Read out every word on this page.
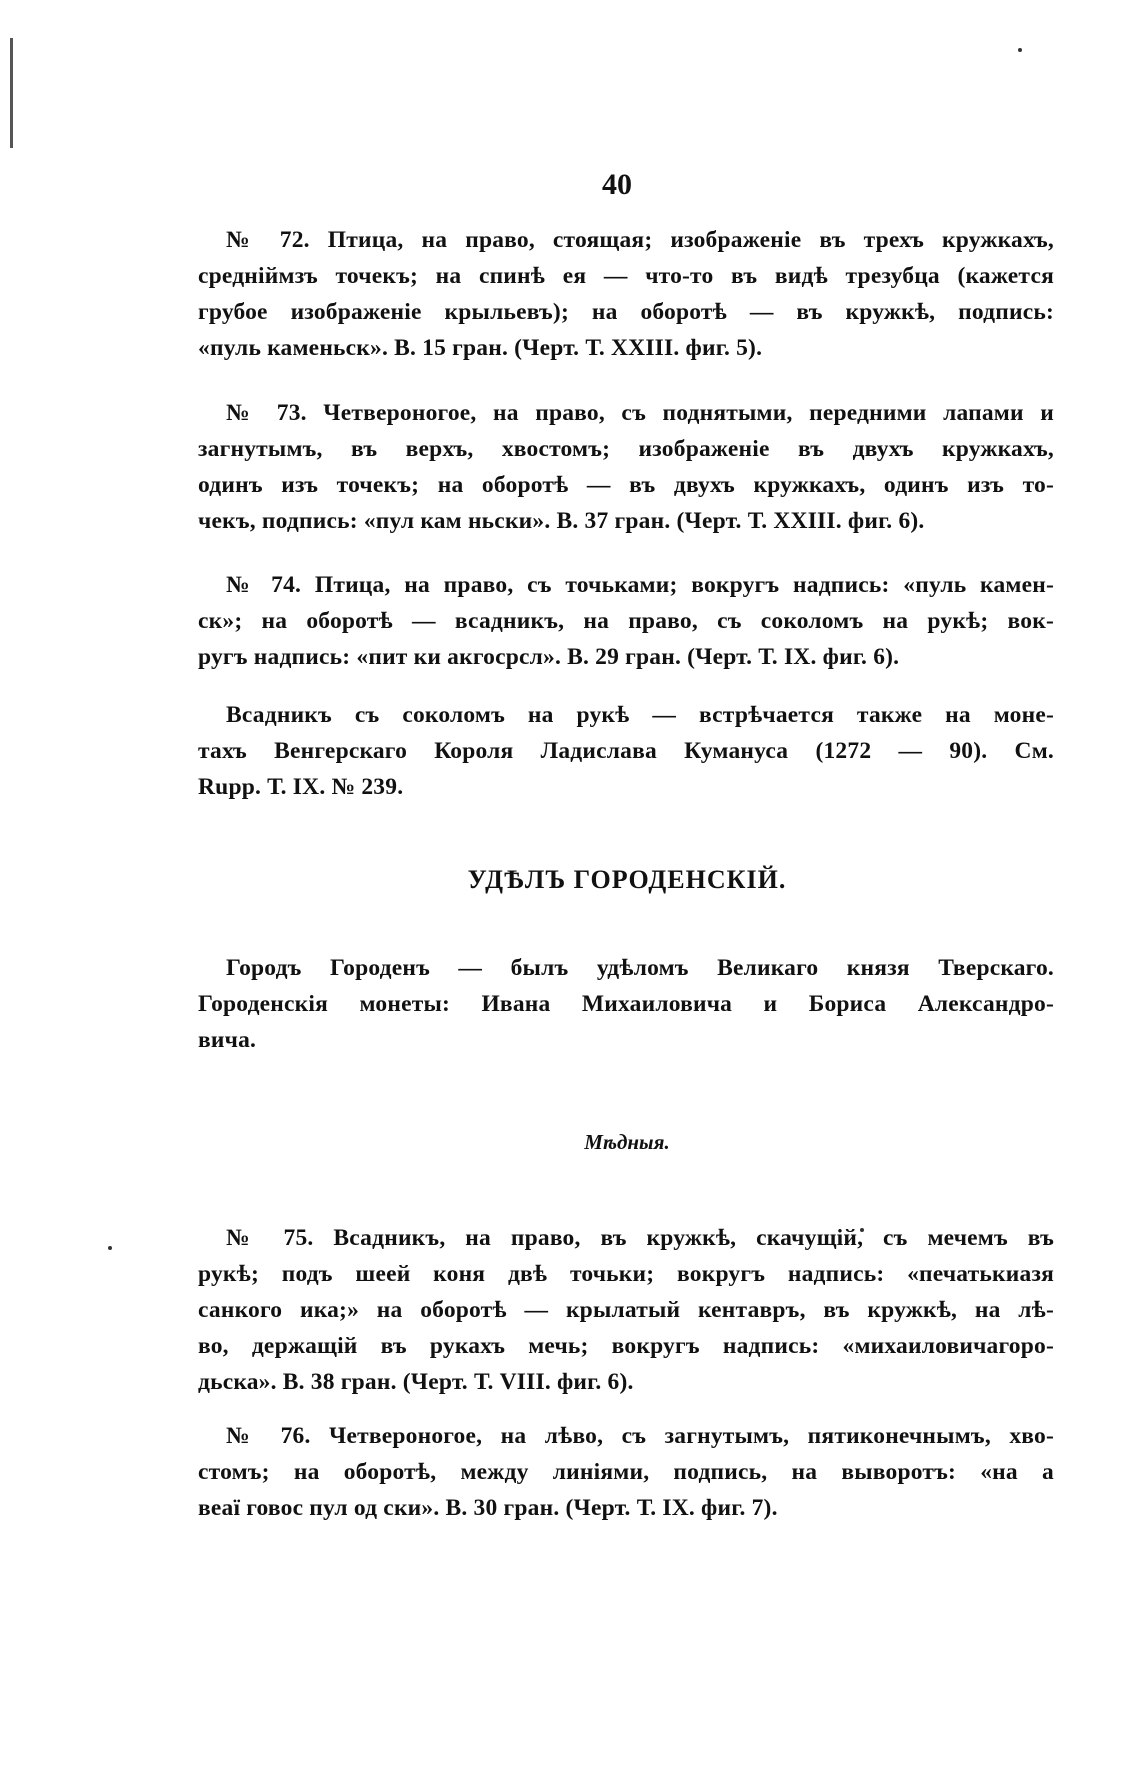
40
№ 72. Птица, на право, стоящая; изображеніе въ трехъ кружкахъ,
средніймзъ точекъ; на спинѣ ея — что-то въ видѣ трезубца (кажется
грубое изображеніе крыльевъ); на оборотѣ — въ кружкѣ, подпись:
«пуль каменьск». В. 15 гран. (Черт. Т. XXIII. фиг. 5).
№ 73. Четвероногое, на право, съ поднятыми, передними лапами и
загнутымъ, въ верхъ, хвостомъ; изображеніе въ двухъ кружкахъ,
одинъ изъ точекъ; на оборотѣ — въ двухъ кружкахъ, одинъ изъ то-
чекъ, подпись: «пул кам ньски». В. 37 гран. (Черт. Т. XXIII. фиг. 6).
№ 74. Птица, на право, съ точьками; вокругъ надпись: «пуль камен-
ск»; на оборотѣ — всадникъ, на право, съ соколомъ на рукѣ; вок-
ругъ надпись: «пит ки акгосрсл». В. 29 гран. (Черт. Т. IX. фиг. 6).
Всадникъ съ соколомъ на рукѣ — встрѣчается также на моне-
тахъ Венгерскаго Короля Ладислава Кумануса (1272 — 90). См.
Rupp. Т. IX. № 239.
УДѢЛЪ ГОРОДЕНСКІЙ.
Городъ Городенъ — былъ удѣломъ Великаго князя Тверскаго.
Городенскія монеты: Ивана Михаиловича и Бориса Александро-
вича.
Мѣдныя.
№ 75. Всадникъ, на право, въ кружкѣ, скачущій, съ мечемъ въ
рукѣ; подъ шеей коня двѣ точьки; вокругъ надпись: «печатькиазя
санкого ика;» на оборотѣ — крылатый кентавръ, въ кружкѣ, на лѣ-
во, держащій въ рукахъ мечь; вокругъ надпись: «михаиловичагоро-
дьска». В. 38 гран. (Черт. Т. VIII. фиг. 6).
№ 76. Четвероногое, на лѣво, съ загнутымъ, пятиконечнымъ, хво-
стомъ; на оборотѣ, между линіями, подпись, на выворотъ: «на а
веаї говос пул од ски». В. 30 гран. (Черт. Т. IX. фиг. 7).
